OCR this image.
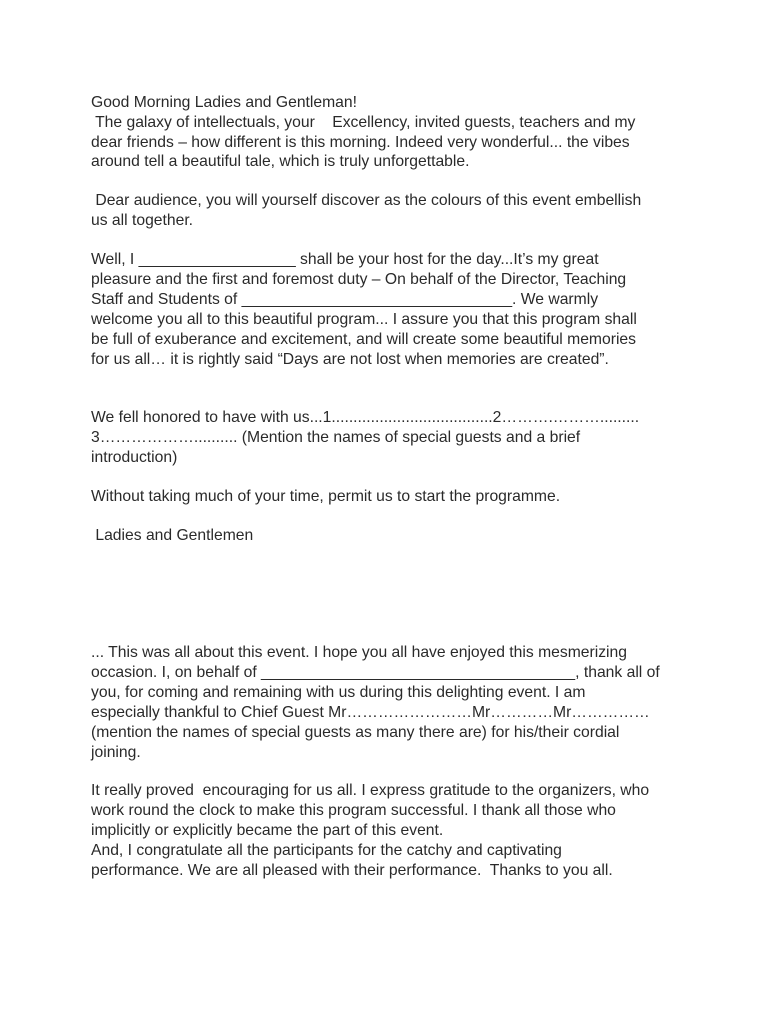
Good Morning Ladies and Gentleman!
The galaxy of intellectuals, your    Excellency, invited guests, teachers and my
dear friends – how different is this morning. Indeed very wonderful... the vibes
around tell a beautiful tale, which is truly unforgettable.
Dear audience, you will yourself discover as the colours of this event embellish
us all together.
Well, I __________________ shall be your host for the day...It’s my great
pleasure and the first and foremost duty – On behalf of the Director, Teaching
Staff and Students of _______________________________. We warmly
welcome you all to this beautiful program... I assure you that this program shall
be full of exuberance and excitement, and will create some beautiful memories
for us all… it is rightly said “Days are not lost when memories are created”.
We fell honored to have with us...1.....................................2……….……….........
3……………….......... (Mention the names of special guests and a brief
introduction)
Without taking much of your time, permit us to start the programme.
Ladies and Gentlemen
... This was all about this event. I hope you all have enjoyed this mesmerizing
occasion. I, on behalf of ____________________________________, thank all of
you, for coming and remaining with us during this delighting event. I am
especially thankful to Chief Guest Mr……………………Mr…………Mr……………
(mention the names of special guests as many there are) for his/their cordial
joining.
It really proved  encouraging for us all. I express gratitude to the organizers, who
work round the clock to make this program successful. I thank all those who
implicitly or explicitly became the part of this event.
And, I congratulate all the participants for the catchy and captivating
performance. We are all pleased with their performance.  Thanks to you all.
